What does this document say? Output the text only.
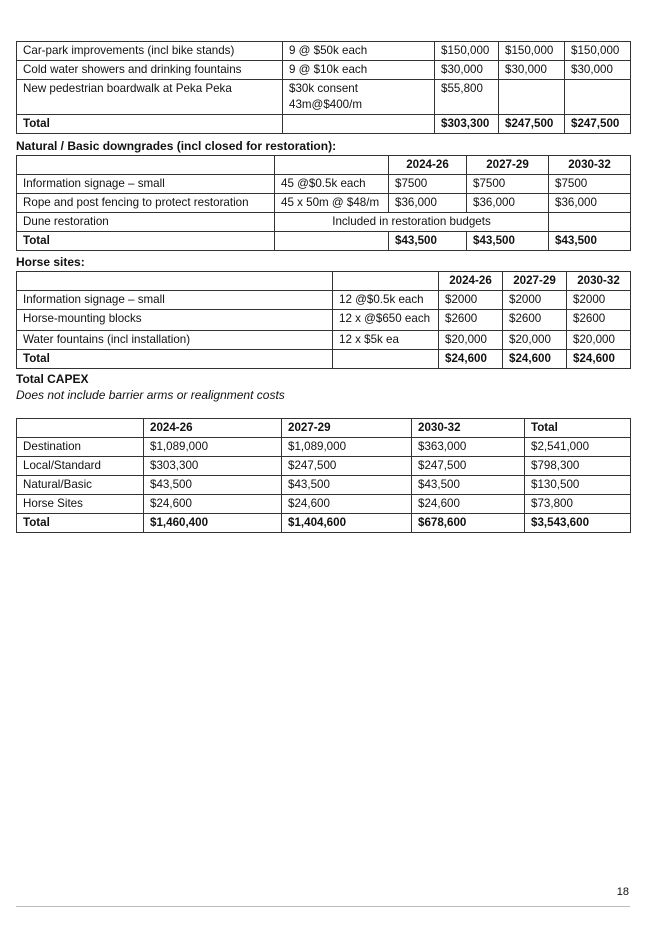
Car-park improvements (incl bike stands)	9 @ $50k each	$150,000	$150,000	$150,000
Cold water showers and drinking fountains	9 @ $10k each	$30,000	$30,000	$30,000
New pedestrian boardwalk at Peka Peka	$30k consent 43m@$400/m	$55,800		
Total		$303,300	$247,500	$247,500
Natural / Basic downgrades (incl closed for restoration):
		2024-26	2027-29	2030-32
Information signage – small	45 @$0.5k each	$7500	$7500	$7500
Rope and post fencing to protect restoration	45 x 50m @ $48/m	$36,000	$36,000	$36,000
Dune restoration	Included in restoration budgets			
Total		$43,500	$43,500	$43,500
Horse sites:
		2024-26	2027-29	2030-32
Information signage – small	12 @$0.5k each	$2000	$2000	$2000
Horse-mounting blocks	12 x @$650 each	$2600	$2600	$2600
Water fountains (incl installation)	12 x $5k ea	$20,000	$20,000	$20,000
Total		$24,600	$24,600	$24,600
Total CAPEX
Does not include barrier arms or realignment costs
	2024-26	2027-29	2030-32	Total
Destination	$1,089,000	$1,089,000	$363,000	$2,541,000
Local/Standard	$303,300	$247,500	$247,500	$798,300
Natural/Basic	$43,500	$43,500	$43,500	$130,500
Horse Sites	$24,600	$24,600	$24,600	$73,800
Total	$1,460,400	$1,404,600	$678,600	$3,543,600
18
